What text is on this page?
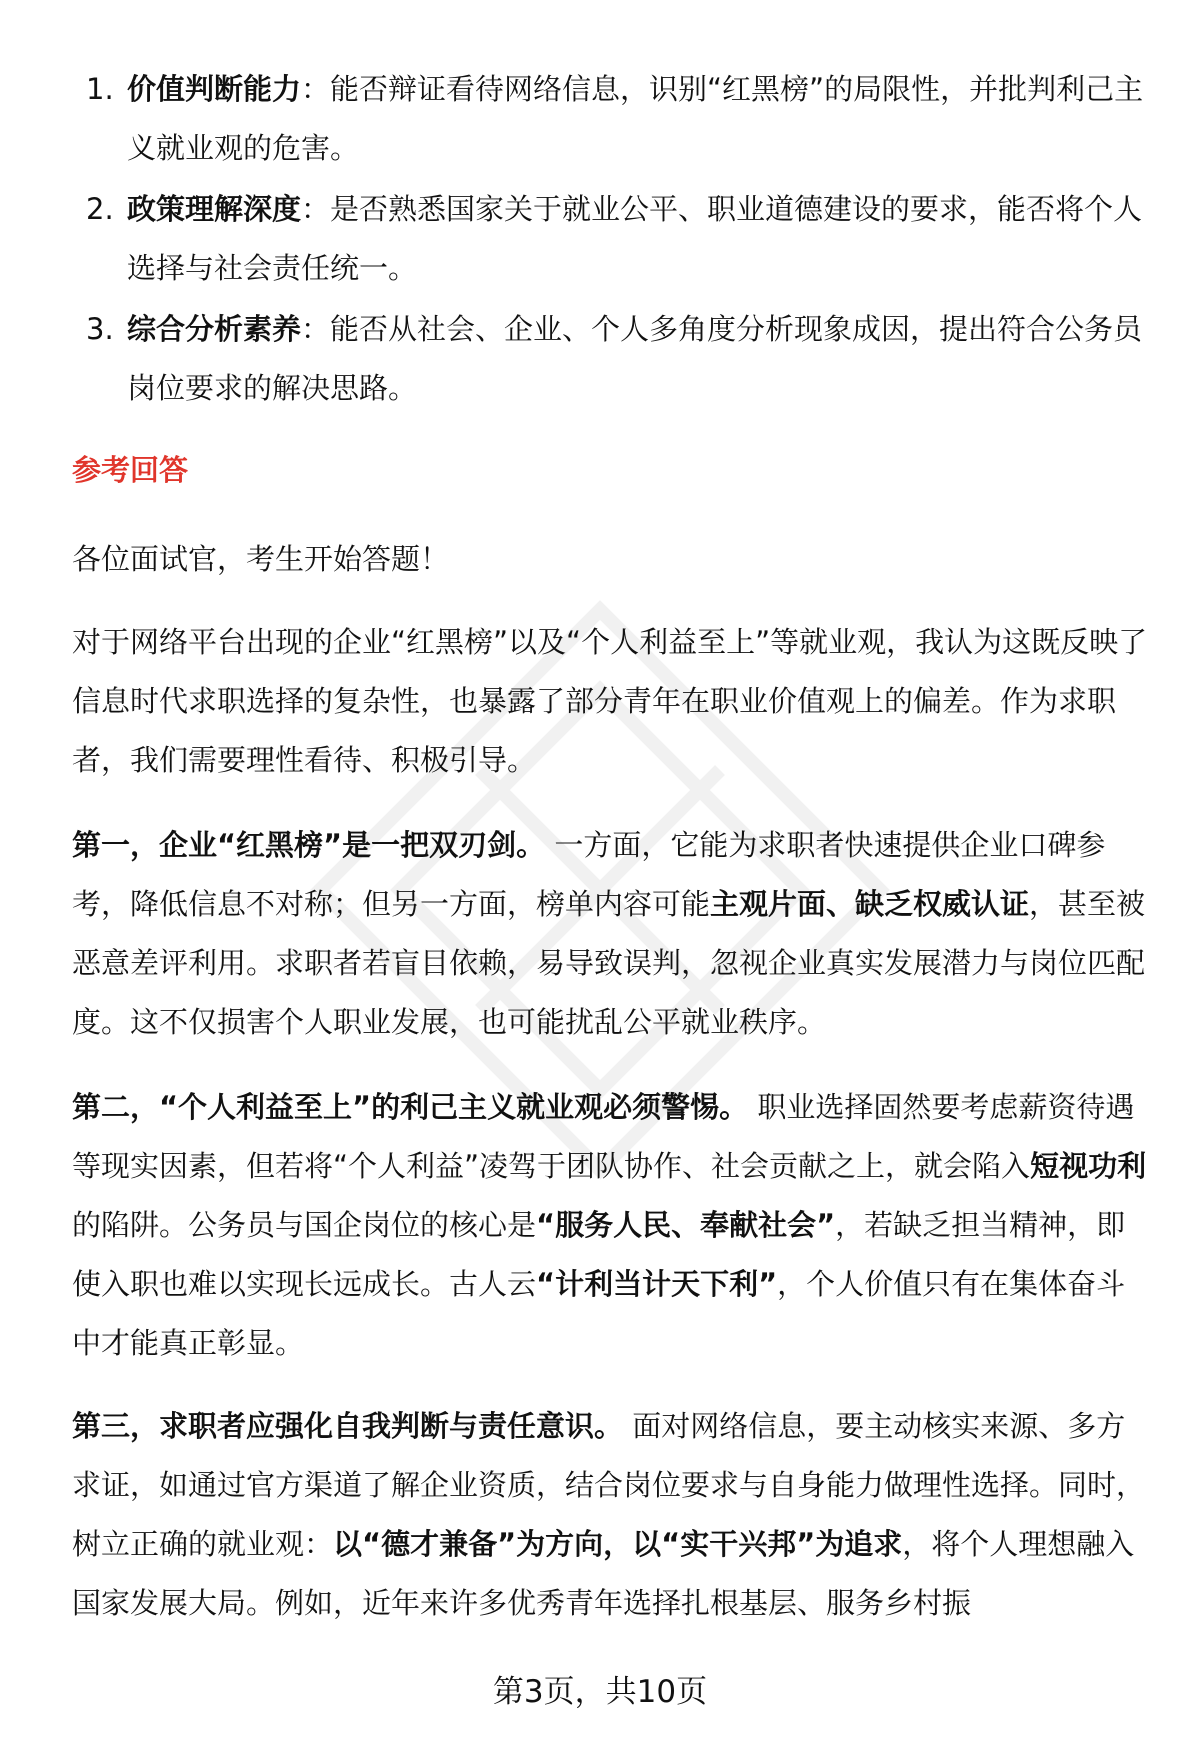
1. 价值判断能力：能否辩证看待网络信息，识别“红黑榜”的局限性，并批判利己主义就业观的危害。
2. 政策理解深度：是否熟悉国家关于就业公平、职业道德建设的要求，能否将个人选择与社会责任统一。
3. 综合分析素养：能否从社会、企业、个人多角度分析现象成因，提出符合公务员岗位要求的解决思路。
参考回答
各位面试官，考生开始答题！
对于网络平台出现的企业“红黑榜”以及“个人利益至上”等就业观，我认为这既反映了信息时代求职选择的复杂性，也暴露了部分青年在职业价值观上的偏差。作为求职者，我们需要理性看待、积极引导。
第一，企业“红黑榜”是一把双刃剑。 一方面，它能为求职者快速提供企业口碑参考，降低信息不对称；但另一方面，榜单内容可能主观片面、缺乏权威认证，甚至被恶意差评利用。求职者若盲目依赖，易导致误判，忽视企业真实发展潜力与岗位匹配度。这不仅损害个人职业发展，也可能扰乱公平就业秩序。
第二，“个人利益至上”的利己主义就业观必须警惕。 职业选择固然要考虑薪资待遇等现实因素，但若将“个人利益”凌驾于团队协作、社会贡献之上，就会陷入短视功利的陷阱。公务员与国企岗位的核心是“服务人民、奉献社会”，若缺乏担当精神，即使入职也难以实现长远成长。古人云“计利当计天下利”，个人价值只有在集体奋斗中才能真正彰显。
第三，求职者应强化自我判断与责任意识。 面对网络信息，要主动核实来源、多方求证，如通过官方渠道了解企业资质，结合岗位要求与自身能力做理性选择。同时，树立正确的就业观：以“德才兼备”为方向，以“实干兴邦”为追求，将个人理想融入国家发展大局。例如，近年来许多优秀青年选择扎根基层、服务乡村振
第3页，共10页
